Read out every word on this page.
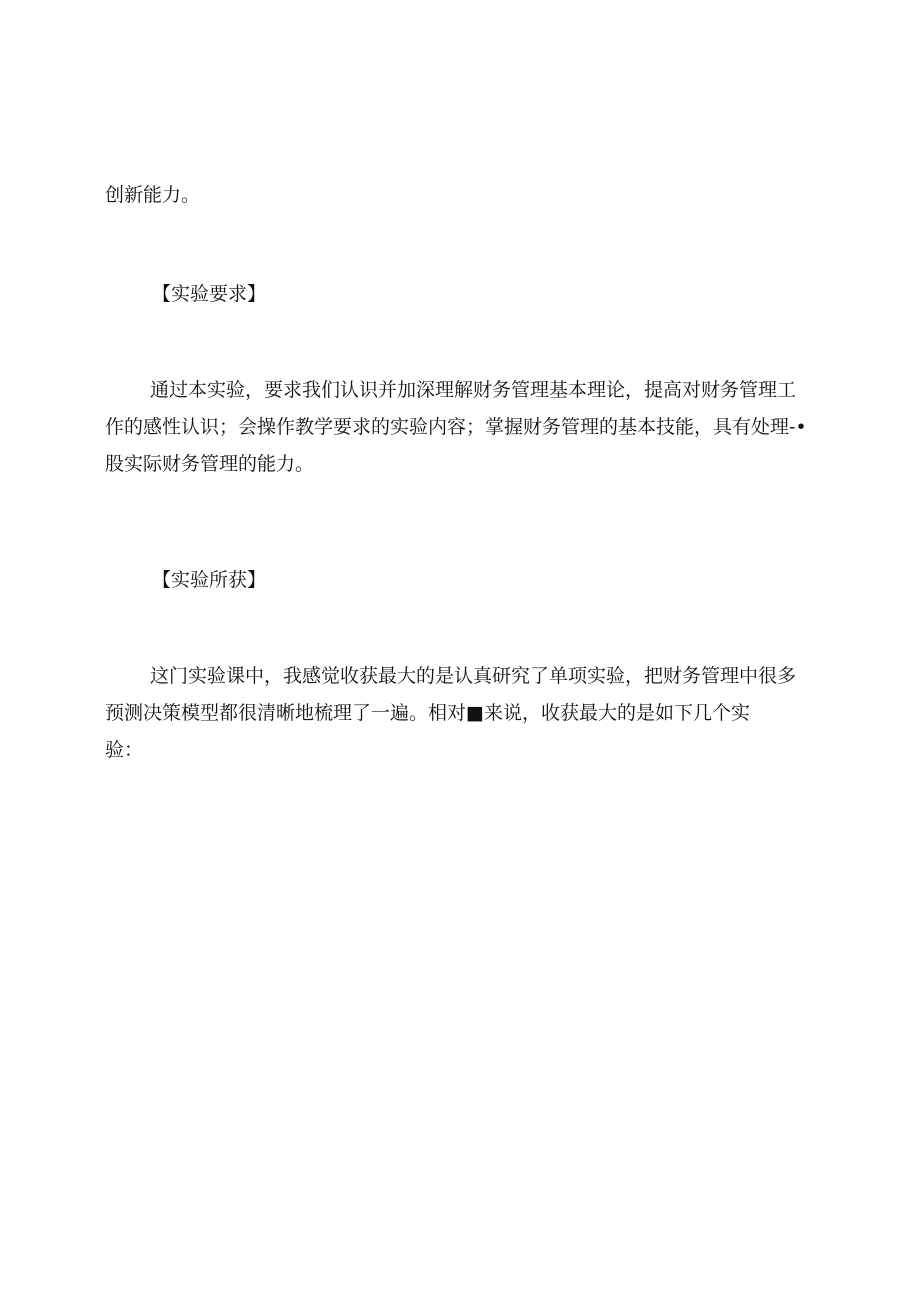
创新能力。
【实验要求】
通过本实验，要求我们认识并加深理解财务管理基本理论，提高对财务管理工
作的感性认识；会操作教学要求的实验内容；掌握财务管理的基本技能，具有处理-•
股实际财务管理的能力。
【实验所获】
这门实验课中，我感觉收获最大的是认真研究了单项实验，把财务管理中很多
预测决策模型都很清晰地梳理了一遍。相对■来说，收获最大的是如下几个实
验：
